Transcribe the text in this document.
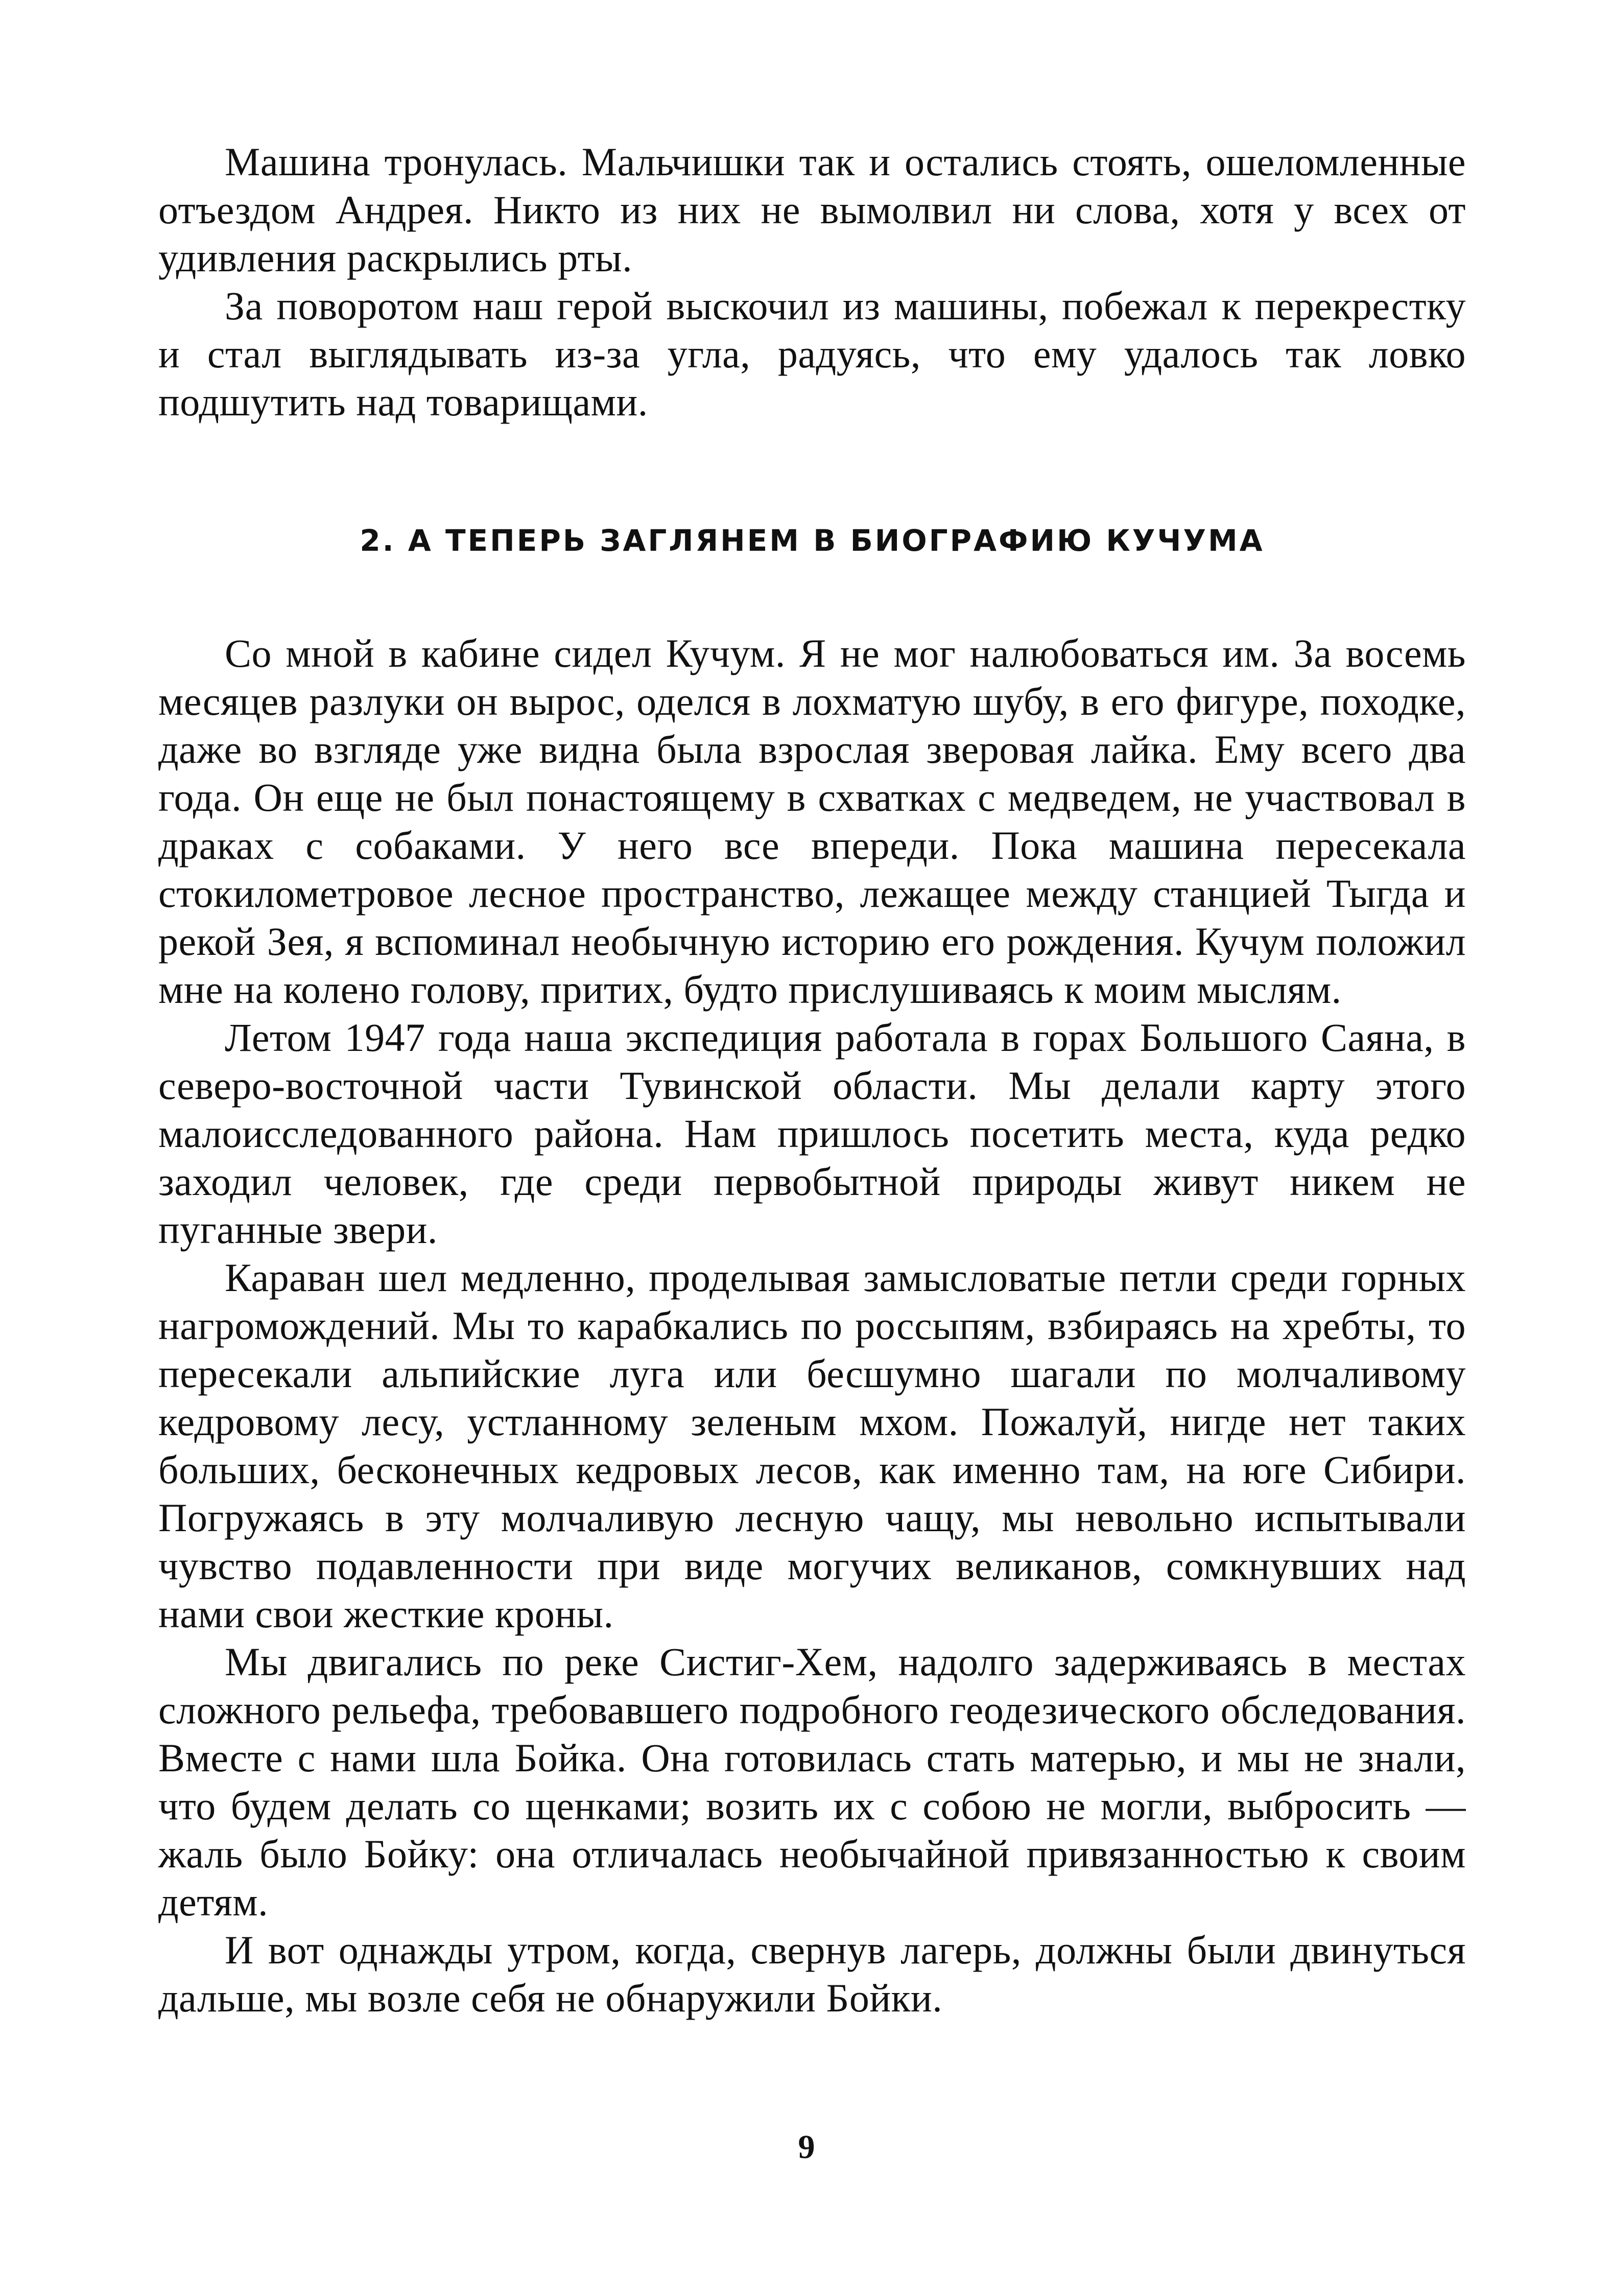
Машина тронулась. Мальчишки так и остались стоять, ошеломленные отъездом Андрея. Никто из них не вымолвил ни слова, хотя у всех от удивления раскрылись рты.

За поворотом наш герой выскочил из машины, побежал к перекрестку и стал выглядывать из-за угла, радуясь, что ему удалось так ловко подшутить над товарищами.

2. А ТЕПЕРЬ ЗАГЛЯНЕМ В БИОГРАФИЮ КУЧУМА

Со мной в кабине сидел Кучум. Я не мог налюбоваться им. За восемь месяцев разлуки он вырос, оделся в лохматую шубу, в его фигуре, походке, даже во взгляде уже видна была взрослая зверовая лайка. Ему всего два года. Он еще не был понастоящему в схватках с медведем, не участвовал в драках с собаками. У него все впереди. Пока машина пересекала стокилометровое лесное пространство, лежащее между станцией Тыгда и рекой Зея, я вспоминал необычную историю его рождения. Кучум положил мне на колено голову, притих, будто прислушиваясь к моим мыслям.

Летом 1947 года наша экспедиция работала в горах Большого Саяна, в северо-восточной части Тувинской области. Мы делали карту этого малоисследованного района. Нам пришлось посетить места, куда редко заходил человек, где среди первобытной природы живут никем не пуганные звери.

Караван шел медленно, проделывая замысловатые петли среди горных нагромождений. Мы то карабкались по россыпям, взбираясь на хребты, то пересекали альпийские луга или бесшумно шагали по молчаливому кедровому лесу, устланному зеленым мхом. Пожалуй, нигде нет таких больших, бесконечных кедровых лесов, как именно там, на юге Сибири. Погружаясь в эту молчаливую лесную чащу, мы невольно испытывали чувство подавленности при виде могучих великанов, сомкнувших над нами свои жесткие кроны.

Мы двигались по реке Систиг-Хем, надолго задерживаясь в местах сложного рельефа, требовавшего подробного геодезического обследования. Вместе с нами шла Бойка. Она готовилась стать матерью, и мы не знали, что будем делать со щенками; возить их с собою не могли, выбросить — жаль было Бойку: она отличалась необычайной привязанностью к своим детям.

И вот однажды утром, когда, свернув лагерь, должны были двинуться дальше, мы возле себя не обнаружили Бойки.

9
